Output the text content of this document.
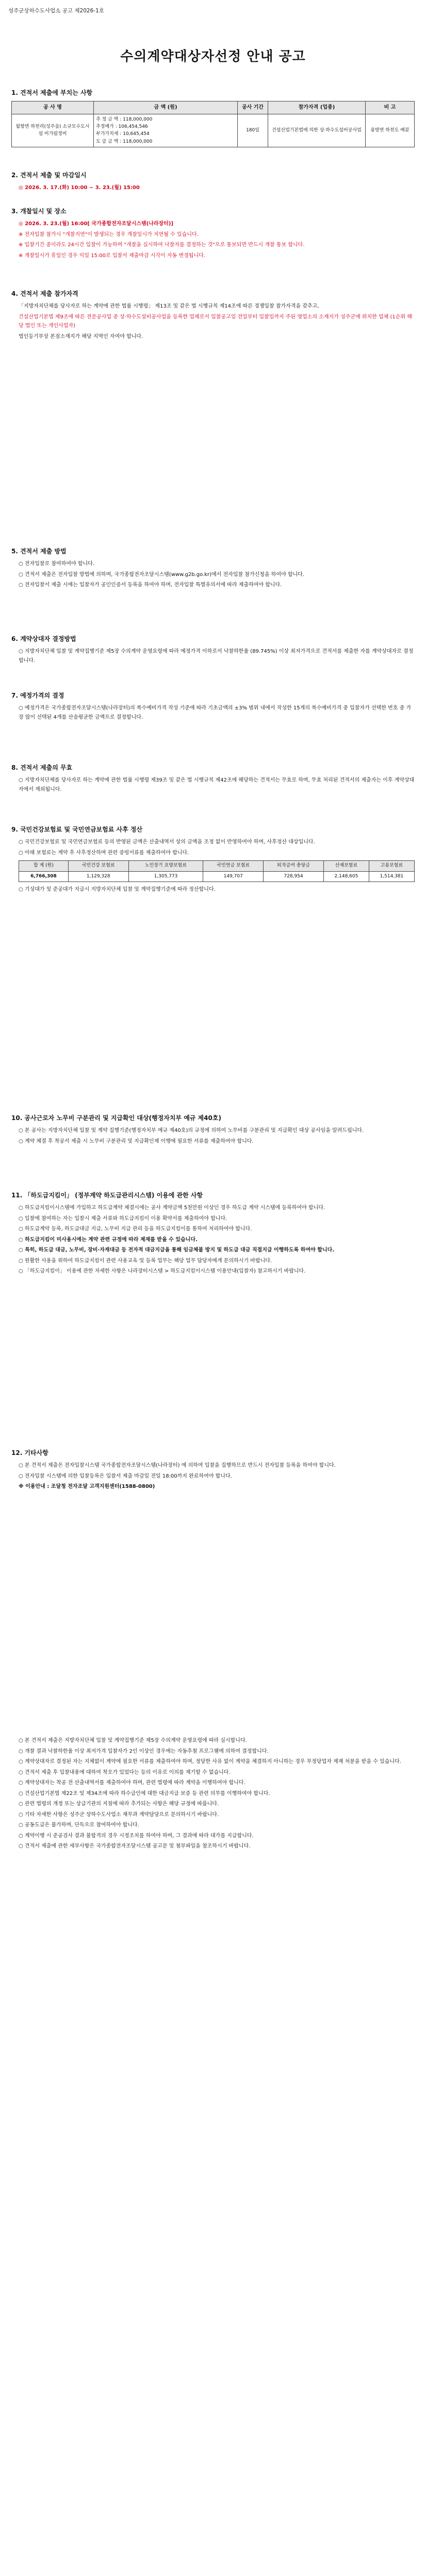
성주군상하수도사업소 공고 제2026-1호
수의계약대상자선정 안내 공고
1. 견적서 제출에 부치는 사항
공 사 명	금 액 (원)	공사 기간	참가자격 (업종)	비 고
월항면 하천리(성주읍) 소규모수도시설 비가림정비	추 정 금 액 : 118,000,000
추정예가 : 106,454,546
부가가치세 : 10,645,454
도 급 금 액 : 118,000,000	180일	건설산업기본법에 의한 상·하수도설비공사업	용방면 하천도 배분
2. 견적서 제출 및 마감일시
◎ 2026. 3. 17.(화) 10:00 ~ 3. 23.(월) 15:00
3. 개찰일시 및 장소
◎ 2026. 3. 23.(월) 16:00[ 국가종합전자조달시스템(나라장터)]
※ 전자입찰 참가시 "개찰지연"이 발생되는 경우 개찰일시가 지연될 수 있습니다.
※ 입찰기간 중이라도 24시간 입찰이 가능하며 "개찰을 실시하여 낙찰자를 결정하는 것"으로 통보되면 반드시 개찰 통보 합니다.
※ 개찰일시가 휴일인 경우 익일 15:00로 입찰서 제출마감 시각이 자동 변경됩니다.
4. 견적서 제출 참가자격
「지방자치단체를 당사자로 하는 계약에 관한 법률 시행령」 제13조 및 같은 법 시행규칙 제14조에 따른 경쟁입찰 참가자격을 갖추고,
건설산업기본법 제9조에 따른 전문공사업 중 상·하수도설비공사업을 등록한 업체로서 입찰공고일 전일부터 입찰일까지 주된 영업소의 소재지가 성주군에 위치한 업체 (1순위 해당 법인 또는 개인사업자)
법인등기부상 본점소재지가 해당 지역인 자여야 합니다.
5. 견적서 제출 방법
○ 전자입찰로 참여하여야 합니다.
○ 견적서 제출은 전자입찰 방법에 의하며, 국가종합전자조달시스템(www.g2b.go.kr)에서 전자입찰 참가신청을 하여야 합니다.
○ 전자입찰서 제출 시에는 입찰자가 공인인증서 등록을 하여야 하며, 전자입찰 특별유의서에 따라 제출하여야 합니다.
6. 계약상대자 결정방법
○ 지방자치단체 입찰 및 계약집행기준 제5장 수의계약 운영요령에 따라 예정가격 이하로서 낙찰하한율 (89.745%) 이상 최저가격으로 견적서를 제출한 자를 계약상대자로 결정합니다.
7. 예정가격의 결정
○ 예정가격은 국가종합전자조달시스템(나라장터)의 복수예비가격 작성 기준에 따라 기초금액의 ±3% 범위 내에서 작성한 15개의 복수예비가격 중 입찰자가 선택한 번호 중 가장 많이 선택된 4개를 산술평균한 금액으로 결정합니다.
8. 견적서 제출의 무효
○ 지방자치단체를 당사자로 하는 계약에 관한 법률 시행령 제39조 및 같은 법 시행규칙 제42조에 해당하는 견적서는 무효로 하며, 무효 처리된 견적서의 제출자는 이후 계약상대자에서 제외됩니다.
9. 국민건강보험료 및 국민연금보험료 사후 정산
○ 국민건강보험료 및 국민연금보험료 등의 반영된 금액은 산출내역서 상의 금액을 조정 없이 반영하여야 하며, 사후정산 대상입니다.
○ 아래 보험료는 계약 후 사후정산하며 관련 증빙서류를 제출하여야 합니다.
합 계 (원)	국민건강 보험료	노인장기 요양보험료	국민연금 보험료	퇴직급여 충당금	산재보험료	고용보험료
6,766,308	1,129,328	1,305,773	149,707	728,954	2,148,605	1,514,381
○ 기성대가 및 준공대가 지급시 지방자치단체 입찰 및 계약집행기준에 따라 정산합니다.
10. 공사근로자 노무비 구분관리 및 지급확인 대상(행정자치부 예규 제40호)
○ 본 공사는 지방자치단체 입찰 및 계약 집행기준(행정자치부 예규 제40호)의 규정에 의하여 노무비를 구분관리 및 지급확인 대상 공사임을 알려드립니다.
○ 계약 체결 후 착공서 제출 시 노무비 구분관리 및 지급확인제 이행에 필요한 서류를 제출하여야 합니다.
11. 「하도급지킴이」 (정부계약 하도급관리시스템) 이용에 관한 사항
○ 하도급지킴이시스템에 가입하고 하도급계약 체결시에는 공사 계약금액 5천만원 이상인 경우 하도급 계약 시스템에 등록하여야 합니다.
○ 입찰에 참여하는 자는 입찰시 제출 서류와 하도급지킴이 이용 확약서를 제출하여야 합니다.
○ 하도급계약 등록, 하도급대금 지급, 노무비 지급 관리 등을 하도급지킴이를 통하여 처리하여야 합니다.
○ 하도급지킴이 미사용시에는 계약 관련 규정에 따라 제재를 받을 수 있습니다.
○ 특히, 하도급 대금, 노무비, 장비·자재대금 등 전자적 대금지급을 통해 임금체불 방지 및 하도급 대금 직접지급 이행하도록 하여야 합니다.
○ 원활한 사용을 위하여 하도급지킴이 관련 사용교육 및 등록 업무는 해당 업무 담당자에게 문의하시기 바랍니다.
○ 「하도급지킴이」 이용에 관한 자세한 사항은 나라장터시스템 > 하도급지킴이시스템 이용안내(입찰자) 참고하시기 바랍니다.
12. 기타사항
○ 본 견적서 제출은 전자입찰시스템 국가종합전자조달시스템(나라장터) 에 의하여 입찰을 집행하므로 반드시 전자입찰 등록을 하여야 합니다.
○ 전자입찰 시스템에 의한 입찰등록은 입찰서 제출 마감일 전일 18:00까지 완료하여야 합니다.
※ 이용안내 : 조달청 전자조달 고객지원센터(1588-0800)
○ 본 견적서 제출은 지방자치단체 입찰 및 계약집행기준 제5장 수의계약 운영요령에 따라 실시합니다.
○ 개찰 결과 낙찰하한율 이상 최저가격 입찰자가 2인 이상인 경우에는 자동추첨 프로그램에 의하여 결정합니다.
○ 계약상대자로 결정된 자는 지체없이 계약에 필요한 서류를 제출하여야 하며, 정당한 사유 없이 계약을 체결하지 아니하는 경우 부정당업자 제재 처분을 받을 수 있습니다.
○ 견적서 제출 후 입찰내용에 대하여 착오가 있었다는 등의 이유로 이의를 제기할 수 없습니다.
○ 계약상대자는 착공 전 산출내역서를 제출하여야 하며, 관련 법령에 따라 계약을 이행하여야 합니다.
○ 건설산업기본법 제22조 및 제34조에 따라 하수급인에 대한 대금지급 보증 등 관련 의무를 이행하여야 합니다.
○ 관련 법령의 개정 또는 상급기관의 지침에 따라 추가되는 사항은 해당 규정에 따릅니다.
○ 기타 자세한 사항은 성주군 상하수도사업소 재무과 계약담당으로 문의하시기 바랍니다.
○ 공동도급은 불가하며, 단독으로 참여하여야 합니다.
○ 계약이행 시 준공검사 결과 불합격의 경우 시정조치를 하여야 하며, 그 결과에 따라 대가를 지급합니다.
○ 견적서 제출에 관한 세부사항은 국가종합전자조달시스템 공고문 및 첨부파일을 참조하시기 바랍니다.
